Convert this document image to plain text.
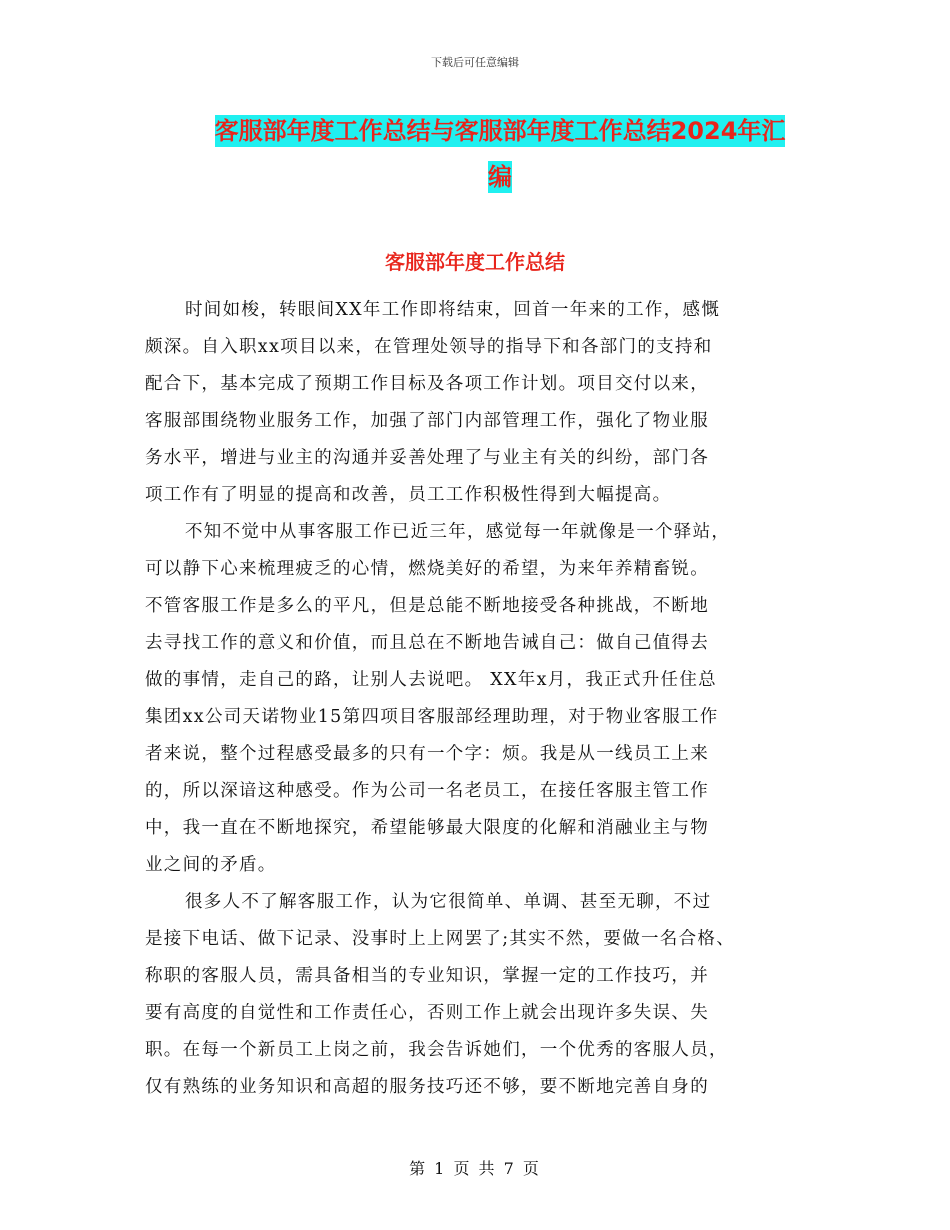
下载后可任意编辑
客服部年度工作总结与客服部年度工作总结2024年汇
编
客服部年度工作总结
时间如梭，转眼间XX年工作即将结束，回首一年来的工作，感慨
颇深。自入职xx项目以来，在管理处领导的指导下和各部门的支持和
配合下，基本完成了预期工作目标及各项工作计划。项目交付以来，
客服部围绕物业服务工作，加强了部门内部管理工作，强化了物业服
务水平，增进与业主的沟通并妥善处理了与业主有关的纠纷，部门各
项工作有了明显的提高和改善，员工工作积极性得到大幅提高。
不知不觉中从事客服工作已近三年，感觉每一年就像是一个驿站，
可以静下心来梳理疲乏的心情，燃烧美好的希望，为来年养精畜锐。
不管客服工作是多么的平凡，但是总能不断地接受各种挑战，不断地
去寻找工作的意义和价值，而且总在不断地告诫自己：做自己值得去
做的事情，走自己的路，让别人去说吧。 XX年x月，我正式升任住总
集团xx公司天诺物业15第四项目客服部经理助理，对于物业客服工作
者来说，整个过程感受最多的只有一个字：烦。我是从一线员工上来
的，所以深谙这种感受。作为公司一名老员工，在接任客服主管工作
中，我一直在不断地探究，希望能够最大限度的化解和消融业主与物
业之间的矛盾。
很多人不了解客服工作，认为它很简单、单调、甚至无聊，不过
是接下电话、做下记录、没事时上上网罢了;其实不然，要做一名合格、
称职的客服人员，需具备相当的专业知识，掌握一定的工作技巧，并
要有高度的自觉性和工作责任心，否则工作上就会出现许多失误、失
职。在每一个新员工上岗之前，我会告诉她们，一个优秀的客服人员，
仅有熟练的业务知识和高超的服务技巧还不够，要不断地完善自身的
第 1 页 共 7 页
